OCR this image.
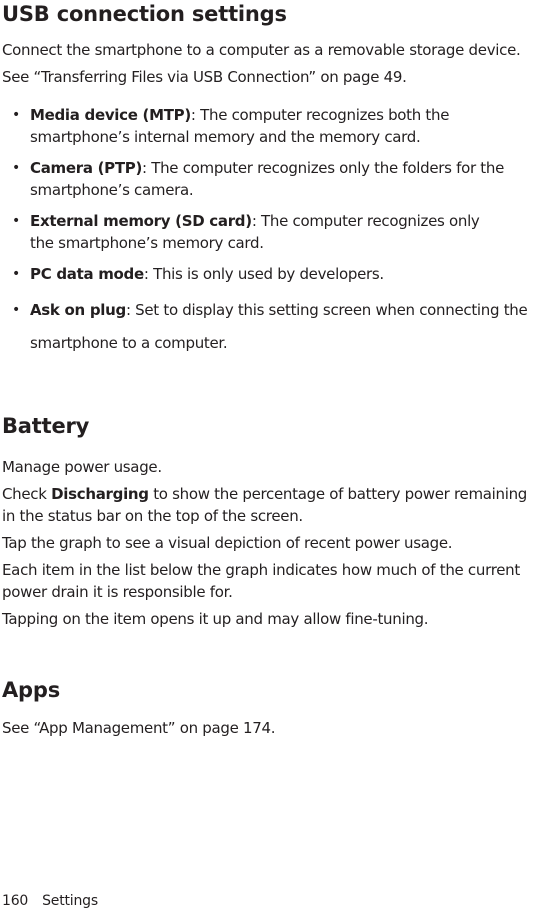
USB connection settings

Connect the smartphone to a computer as a removable storage device.

See “Transferring Files via USB Connection” on page 49.

• Media device (MTP): The computer recognizes both the smartphone’s internal memory and the memory card.
• Camera (PTP): The computer recognizes only the folders for the smartphone’s camera.
• External memory (SD card): The computer recognizes only the smartphone’s memory card.
• PC data mode: This is only used by developers.
• Ask on plug: Set to display this setting screen when connecting the smartphone to a computer.
Battery

Manage power usage.

Check Discharging to show the percentage of battery power remaining in the status bar on the top of the screen.

Tap the graph to see a visual depiction of recent power usage.

Each item in the list below the graph indicates how much of the current power drain it is responsible for.

Tapping on the item opens it up and may allow fine-tuning.

Apps

See “App Management” on page 174.

160 Settings
